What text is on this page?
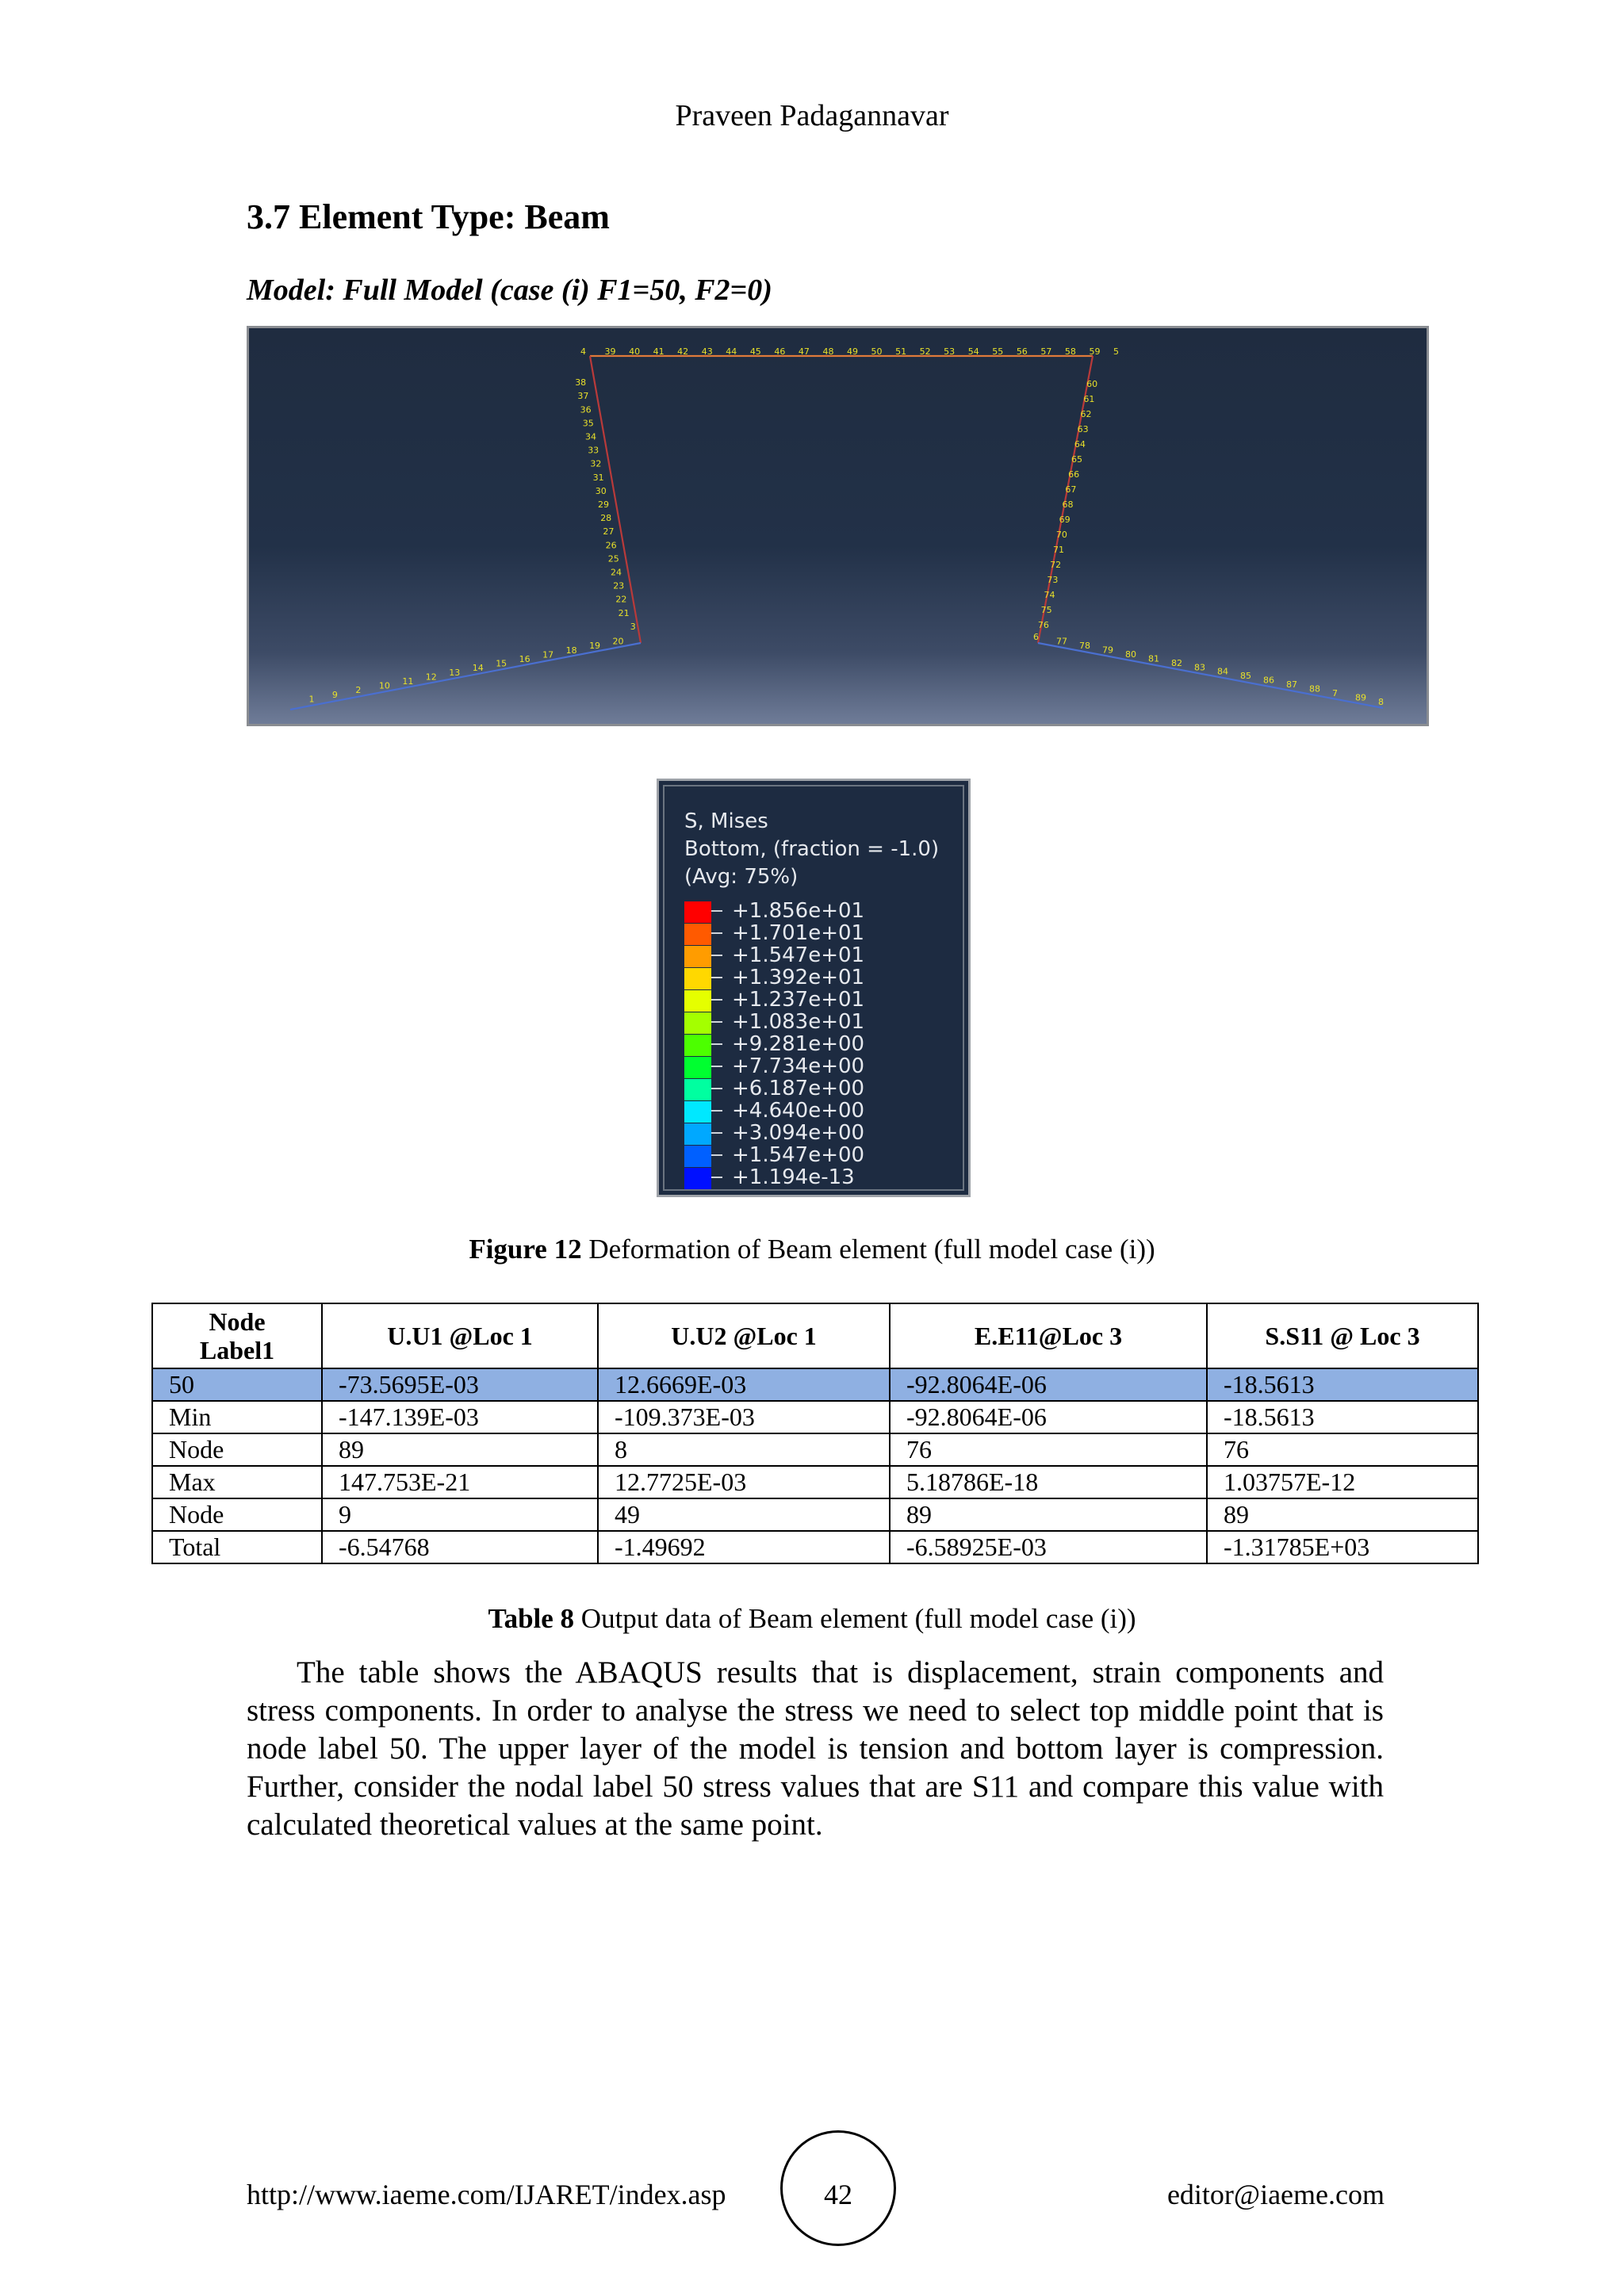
Praveen Padagannavar
3.7 Element Type: Beam
Model: Full Model (case (i) F1=50, F2=0)
4 39 40 41 42 43 44 45 46 47 48 49 50 51 52 53 54 55 56 57 58 59 5
38
37
36
35
34
33
32
31
30
29
28
27
26
25
24
23
22
21
3
60
61
62
63
64
65
66
67
68
69
70
71
72
73
74
75
76
1 9 2 10 11 12 13 14 15 16 17 18 19 20	6 77 78 79 80 81 82 83 84 85 86 87 88 7 89 8
S, Mises
Bottom, (fraction = -1.0)
(Avg: 75%)
+1.856e+01
+1.701e+01
+1.547e+01
+1.392e+01
+1.237e+01
+1.083e+01
+9.281e+00
+7.734e+00
+6.187e+00
+4.640e+00
+3.094e+00
+1.547e+00
+1.194e-13
Figure 12 Deformation of Beam element (full model case (i))
Node Label1	U.U1 @Loc 1	U.U2 @Loc 1	E.E11@Loc 3	S.S11 @ Loc 3
50	-73.5695E-03	12.6669E-03	-92.8064E-06	-18.5613
Min	-147.139E-03	-109.373E-03	-92.8064E-06	-18.5613
Node	89	8	76	76
Max	147.753E-21	12.7725E-03	5.18786E-18	1.03757E-12
Node	9	49	89	89
Total	-6.54768	-1.49692	-6.58925E-03	-1.31785E+03
Table 8 Output data of Beam element (full model case (i))

The table shows the ABAQUS results that is displacement, strain components and stress components. In order to analyse the stress we need to select top middle point that is node label 50. The upper layer of the model is tension and bottom layer is compression. Further, consider the nodal label 50 stress values that are S11 and compare this value with calculated theoretical values at the same point.

http://www.iaeme.com/IJARET/index.asp	42	editor@iaeme.com
